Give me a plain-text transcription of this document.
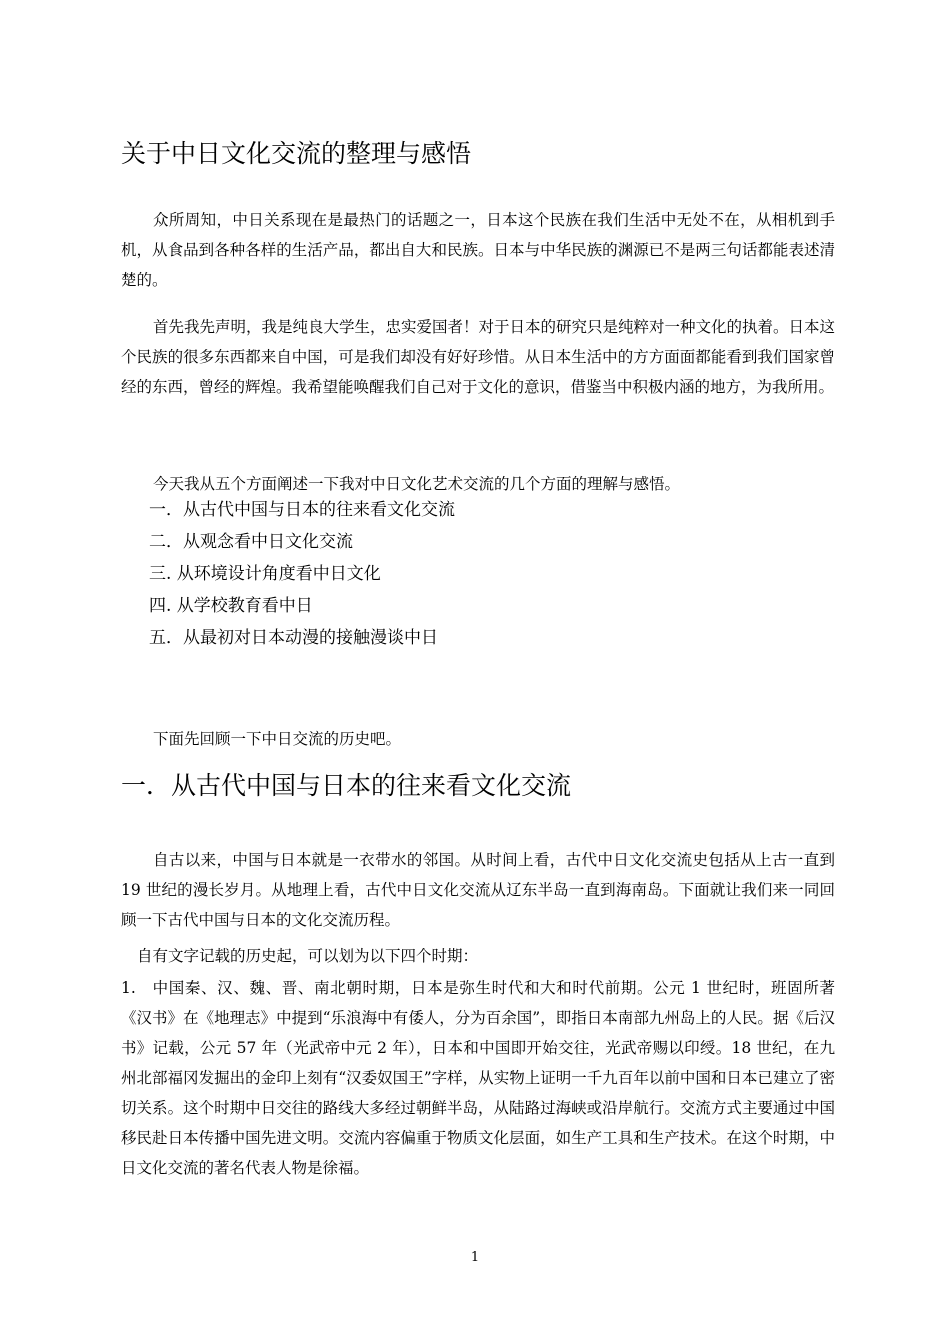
关于中日文化交流的整理与感悟
众所周知，中日关系现在是最热门的话题之一，日本这个民族在我们生活中无处不在，从相机到手机，从食品到各种各样的生活产品，都出自大和民族。日本与中华民族的渊源已不是两三句话都能表述清楚的。
首先我先声明，我是纯良大学生，忠实爱国者！对于日本的研究只是纯粹对一种文化的执着。日本这个民族的很多东西都来自中国，可是我们却没有好好珍惜。从日本生活中的方方面面都能看到我们国家曾经的东西，曾经的辉煌。我希望能唤醒我们自己对于文化的意识，借鉴当中积极内涵的地方，为我所用。
今天我从五个方面阐述一下我对中日文化艺术交流的几个方面的理解与感悟。
一．从古代中国与日本的往来看文化交流
二．从观念看中日文化交流
三. 从环境设计角度看中日文化
四. 从学校教育看中日
五．从最初对日本动漫的接触漫谈中日
下面先回顾一下中日交流的历史吧。
一．从古代中国与日本的往来看文化交流
自古以来，中国与日本就是一衣带水的邻国。从时间上看，古代中日文化交流史包括从上古一直到 19 世纪的漫长岁月。从地理上看，古代中日文化交流从辽东半岛一直到海南岛。下面就让我们来一同回顾一下古代中国与日本的文化交流历程。
自有文字记载的历史起，可以划为以下四个时期：
1.　中国秦、汉、魏、晋、南北朝时期，日本是弥生时代和大和时代前期。公元 1 世纪时，班固所著《汉书》在《地理志》中提到“乐浪海中有倭人，分为百余国”，即指日本南部九州岛上的人民。据《后汉书》记载，公元 57 年（光武帝中元 2 年），日本和中国即开始交往，光武帝赐以印绶。18 世纪，在九州北部福冈发掘出的金印上刻有“汉委奴国王”字样，从实物上证明一千九百年以前中国和日本已建立了密切关系。这个时期中日交往的路线大多经过朝鲜半岛，从陆路过海峡或沿岸航行。交流方式主要通过中国移民赴日本传播中国先进文明。交流内容偏重于物质文化层面，如生产工具和生产技术。在这个时期，中日文化交流的著名代表人物是徐福。
1
